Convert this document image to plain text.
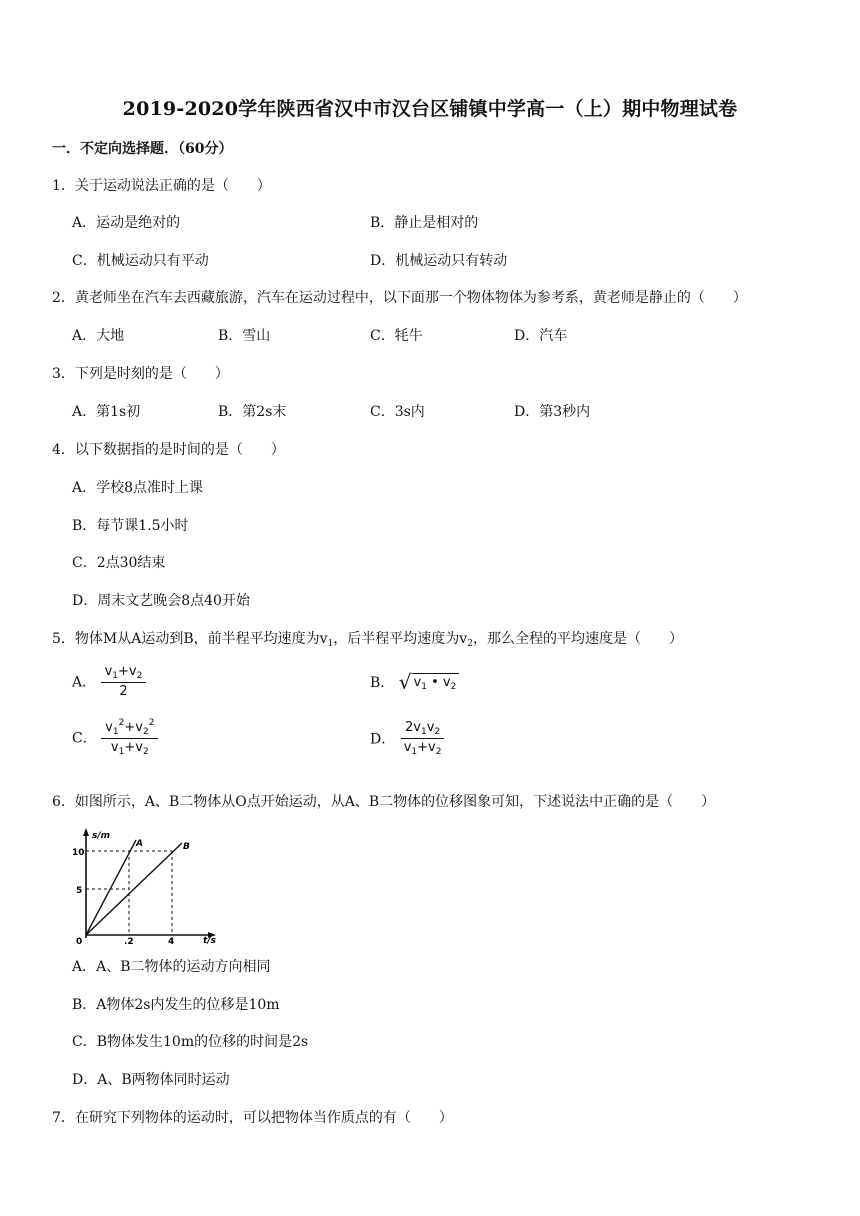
2019-2020学年陕西省汉中市汉台区铺镇中学高一（上）期中物理试卷
一．不定向选择题．（60分）
1．关于运动说法正确的是（　　）
A．运动是绝对的	B．静止是相对的
C．机械运动只有平动	D．机械运动只有转动
2．黄老师坐在汽车去西藏旅游，汽车在运动过程中，以下面那一个物体物体为参考系，黄老师是静止的（　　）
A．大地	B．雪山	C．牦牛	D．汽车
3．下列是时刻的是（　　）
A．第1s初	B．第2s末	C．3s内	D．第3秒内
4．以下数据指的是时间的是（　　）
A．学校8点准时上课
B．每节课1.5小时
C．2点30结束
D．周末文艺晚会8点40开始
5．物体M从A运动到B，前半程平均速度为$v_1$，后半程平均速度为$v_2$，那么全程的平均速度是（　　）
A． $\frac{v_1+v_2}{2}$	B． √ $v_1$ • $v_2$
C． $\frac{v_1^2+v_2^2}{v_1+v_2}$	D． $\frac{2v_1v_2}{v_1+v_2}$
6．如图所示，A、B二物体从O点开始运动，从A、B二物体的位移图象可知，下述说法中正确的是（　　）
s/m
t/s
10
5
0	.2	4
A	B
A．A、B二物体的运动方向相同
B．A物体2s内发生的位移是10m
C．B物体发生10m的位移的时间是2s
D．A、B两物体同时运动
7．在研究下列物体的运动时，可以把物体当作质点的有（　　）
